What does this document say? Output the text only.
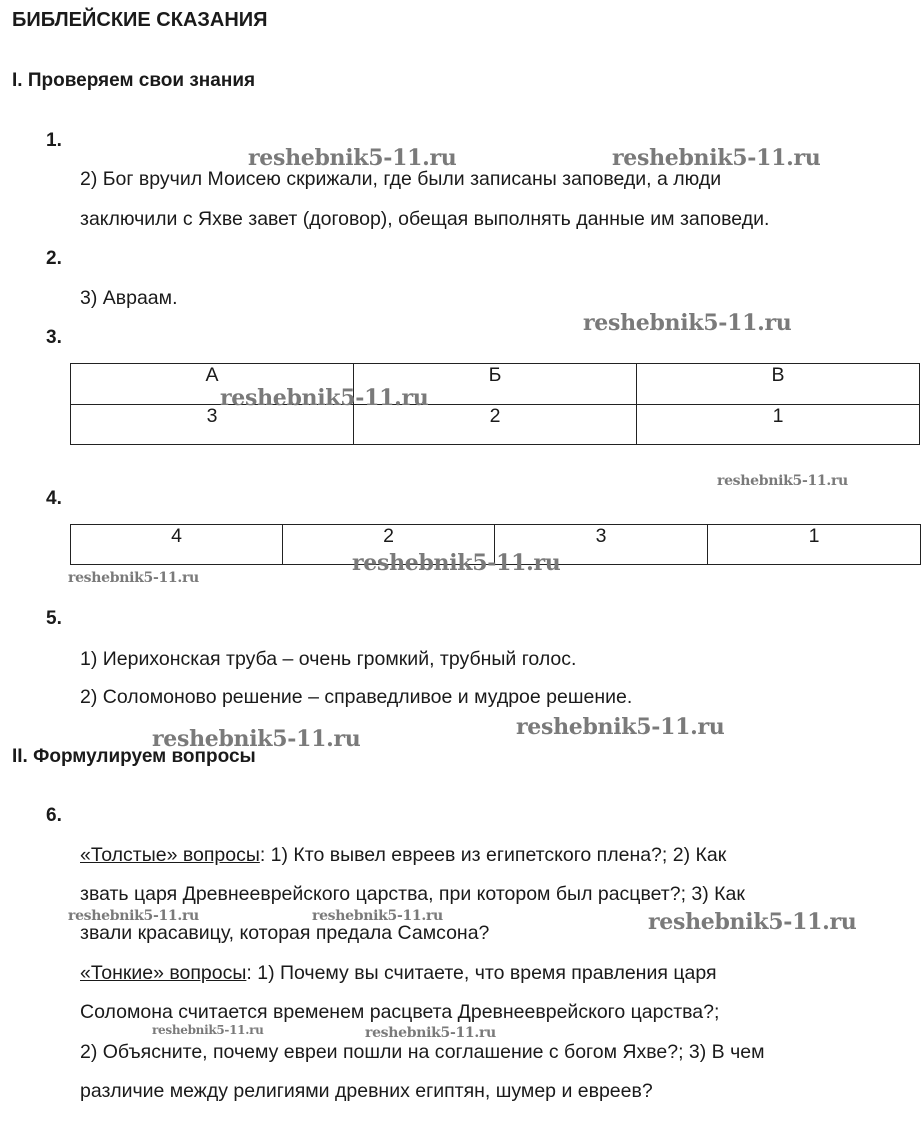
БИБЛЕЙСКИЕ СКАЗАНИЯ
I. Проверяем свои знания
1.
2) Бог вручил Моисею скрижали, где были записаны заповеди, а люди
заключили с Яхве завет (договор), обещая выполнять данные им заповеди.
2.
3) Авраам.
3.
А	Б	В
3	2	1
4.
4	2	3	1
5.
1) Иерихонская труба – очень громкий, трубный голос.
2) Соломоново решение – справедливое и мудрое решение.
II. Формулируем вопросы
6.
«Толстые» вопросы: 1) Кто вывел евреев из египетского плена?; 2) Как
звать царя Древнееврейского царства, при котором был расцвет?; 3) Как
звали красавицу, которая предала Самсона?
«Тонкие» вопросы: 1) Почему вы считаете, что время правления царя
Соломона считается временем расцвета Древнееврейского царства?;
2) Объясните, почему евреи пошли на соглашение с богом Яхве?; 3) В чем
различие между религиями древних египтян, шумер и евреев?
reshebnik5-11.ru	reshebnik5-11.ru
reshebnik5-11.ru
reshebnik5-11.ru
reshebnik5-11.ru
reshebnik5-11.ru
reshebnik5-11.ru
reshebnik5-11.ru
reshebnik5-11.ru
reshebnik5-11.ru	reshebnik5-11.ru	reshebnik5-11.ru
reshebnik5-11.ru	reshebnik5-11.ru
